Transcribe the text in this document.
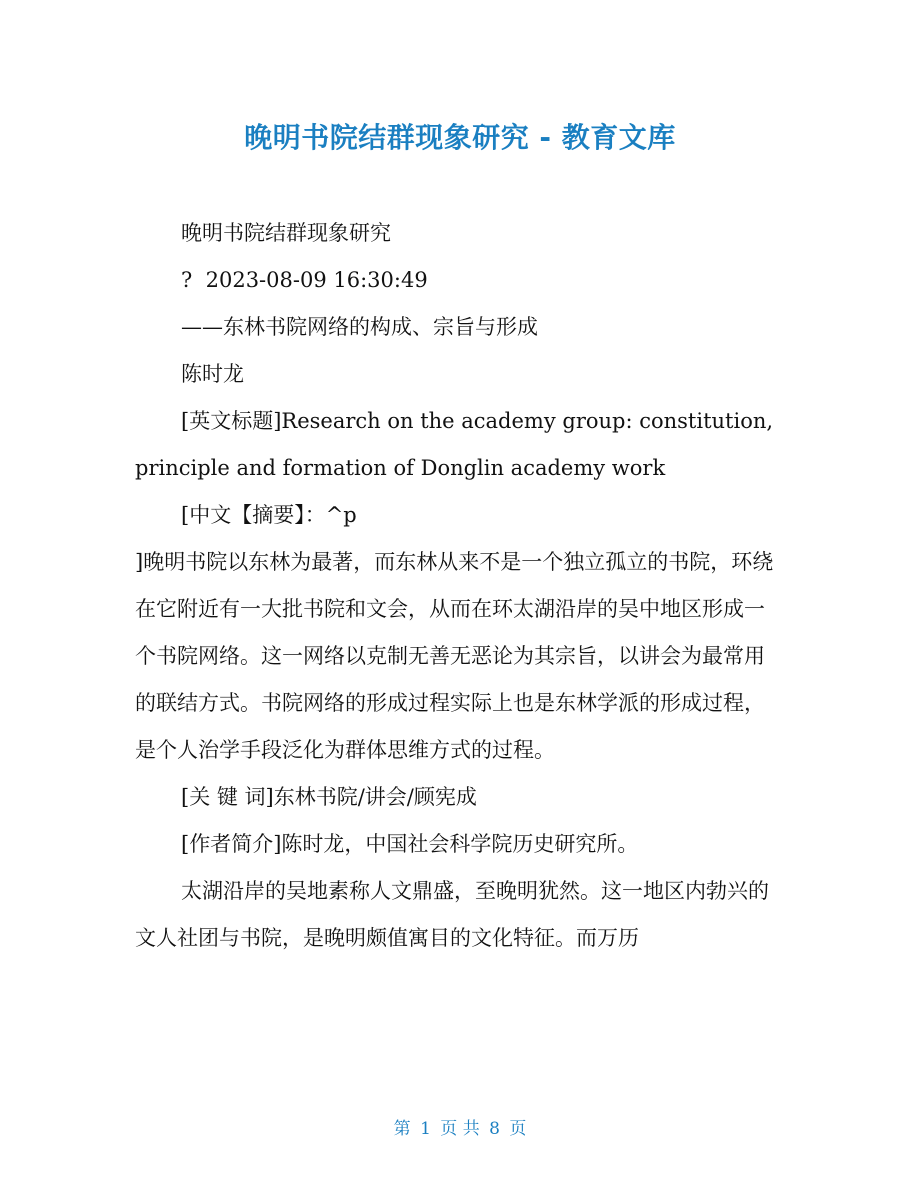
晚明书院结群现象研究 - 教育文库

晚明书院结群现象研究

?  2023-08-09 16:30:49

——东林书院网络的构成、宗旨与形成

陈时龙

[英文标题]Research on the academy group: constitution, principle and formation of Donglin academy work

[中文【摘要】：^p

]晚明书院以东林为最著，而东林从来不是一个独立孤立的书院，环绕在它附近有一大批书院和文会，从而在环太湖沿岸的吴中地区形成一个书院网络。这一网络以克制无善无恶论为其宗旨，以讲会为最常用的联结方式。书院网络的形成过程实际上也是东林学派的形成过程，是个人治学手段泛化为群体思维方式的过程。

[关 键 词]东林书院/讲会/顾宪成

[作者简介]陈时龙，中国社会科学院历史研究所。

太湖沿岸的吴地素称人文鼎盛，至晚明犹然。这一地区内勃兴的文人社团与书院，是晚明颇值寓目的文化特征。而万历

第 1 页 共 8 页
